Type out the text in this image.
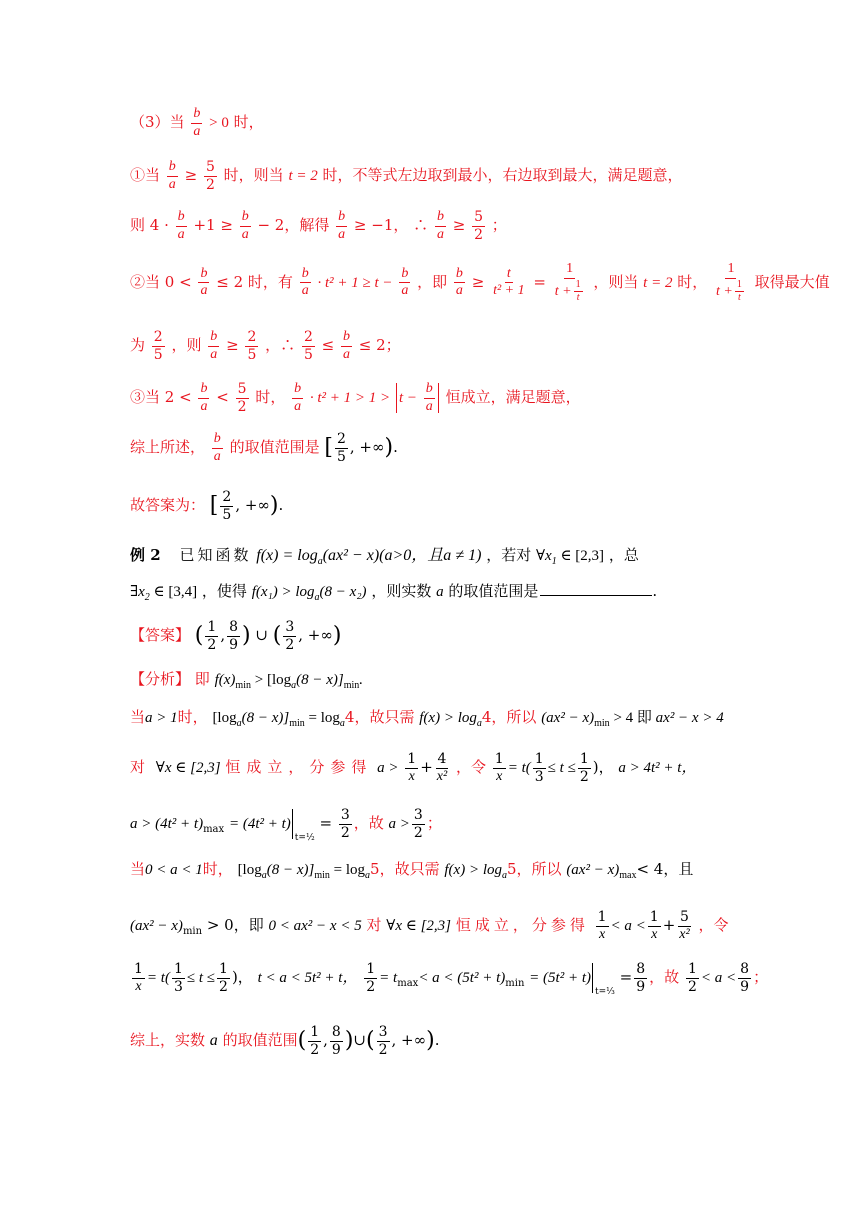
（3）当 $\frac{b}{a} > 0$ 时，
①当 $\frac{b}{a} \ge \frac{5}{2}$ 时，则当 t = 2 时，不等式左边取到最小，右边取到最大，满足题意，
则 $4 \cdot \frac{b}{a} +1 \ge \frac{b}{a} - 2$，解得 $\frac{b}{a} \ge -1$， ∴ $\frac{b}{a} \ge \frac{5}{2}$ ；
②当 $0 < \frac{b}{a} \le 2$ 时，有 $\frac{b}{a} \cdot t^2 + 1 \ge t - \frac{b}{a}$ ，即 $\frac{b}{a} \ge \frac{t}{\text{t² + 1}} = \frac{1}{t + \frac{1}{t}}$ ，则当 t = 2 时， $\frac{1}{t + \frac{1}{t}}$ 取得最大值
为 $\frac{2}{5}$ ，则 $\frac{b}{a} \ge \frac{2}{5}$ ，∴ $\frac{2}{5} \le \frac{b}{a} \le 2$；
③当 $2 < \frac{b}{a} < \frac{5}{2}$ 时， $\frac{b}{a} \cdot t^2 + 1 > 1 > t - \frac{b}{a}$ 恒成立，满足题意，
综上所述， $\frac{b}{a}$ 的取值范围是 [ $\frac{2}{5}$ , +∞).
故答案为： [ $\frac{2}{5}$ , +∞).
例 2 已知函数 $f(x) = \log_a(ax^2 - x)(a>0$，且a ≠ 1) ，若对 $\forall x_1$ ∈ [2,3] ，总
$\exists x_2$ ∈ [3,4] ，使得 $f(x_1) > \log_a(8 - x_2)$ ，则实数 a 的取值范围是	.
【答案】 ( $\frac{1}{2}$ , $\frac{8}{9}$ ) ∪ ( $\frac{3}{2}$ , +∞)
【分析】 即 $f(x)_{min} > [\log_a(8 - x)]_{min}$.
当a > 1时， $[\log_a(8 - x)]_{min} = \log_a4$，故只需 $f(x) > \log_a4$，所以 $(ax^2 - x)_{min} > 4$ 即 ax² − x > 4
对 ∀x ∈ [2,3] 恒成立，分参得 $a > \frac{1}{x} + \frac{4}{\text{x²}}$ ，令 $\frac{1}{x} = t( \frac{1}{3} \le t \le \frac{1}{2}$ )， a > 4t² + t，
$a > (4t^2 + t)_{max} = (4t^2 + t)_{t=\frac{1}{2}} = \frac{3}{2}$ ，故 $a > \frac{3}{2}$ ；
当0 < a < 1时， $[\log_a(8 - x)]_{min} = \log_a5$，故只需 $f(x) > \log_a5$，所以 $(ax^2 - x)_{max}< 4$，且
$(ax^2 - x)_{min} > 0$，即 0 < ax² − x < 5 对 ∀x ∈ [2,3] 恒成立，分参得 $\frac{1}{x} < a < \frac{1}{x} + \frac{5}{\text{x²}}$ ，令
$\frac{1}{x} = t( \frac{1}{3} \le t \le \frac{1}{2}$ )， t < a < 5t² + t， $\frac{1}{2} = t_{max}< a < (5t^2 + t)_{min} = (5t^2 + t)_{t=\frac{1}{3}} = \frac{8}{9}$ ，故 $\frac{1}{2} < a < \frac{8}{9}$ ；
综上，实数 a 的取值范围( $\frac{1}{2}$ , $\frac{8}{9}$ )∪( $\frac{3}{2}$ , +∞).
